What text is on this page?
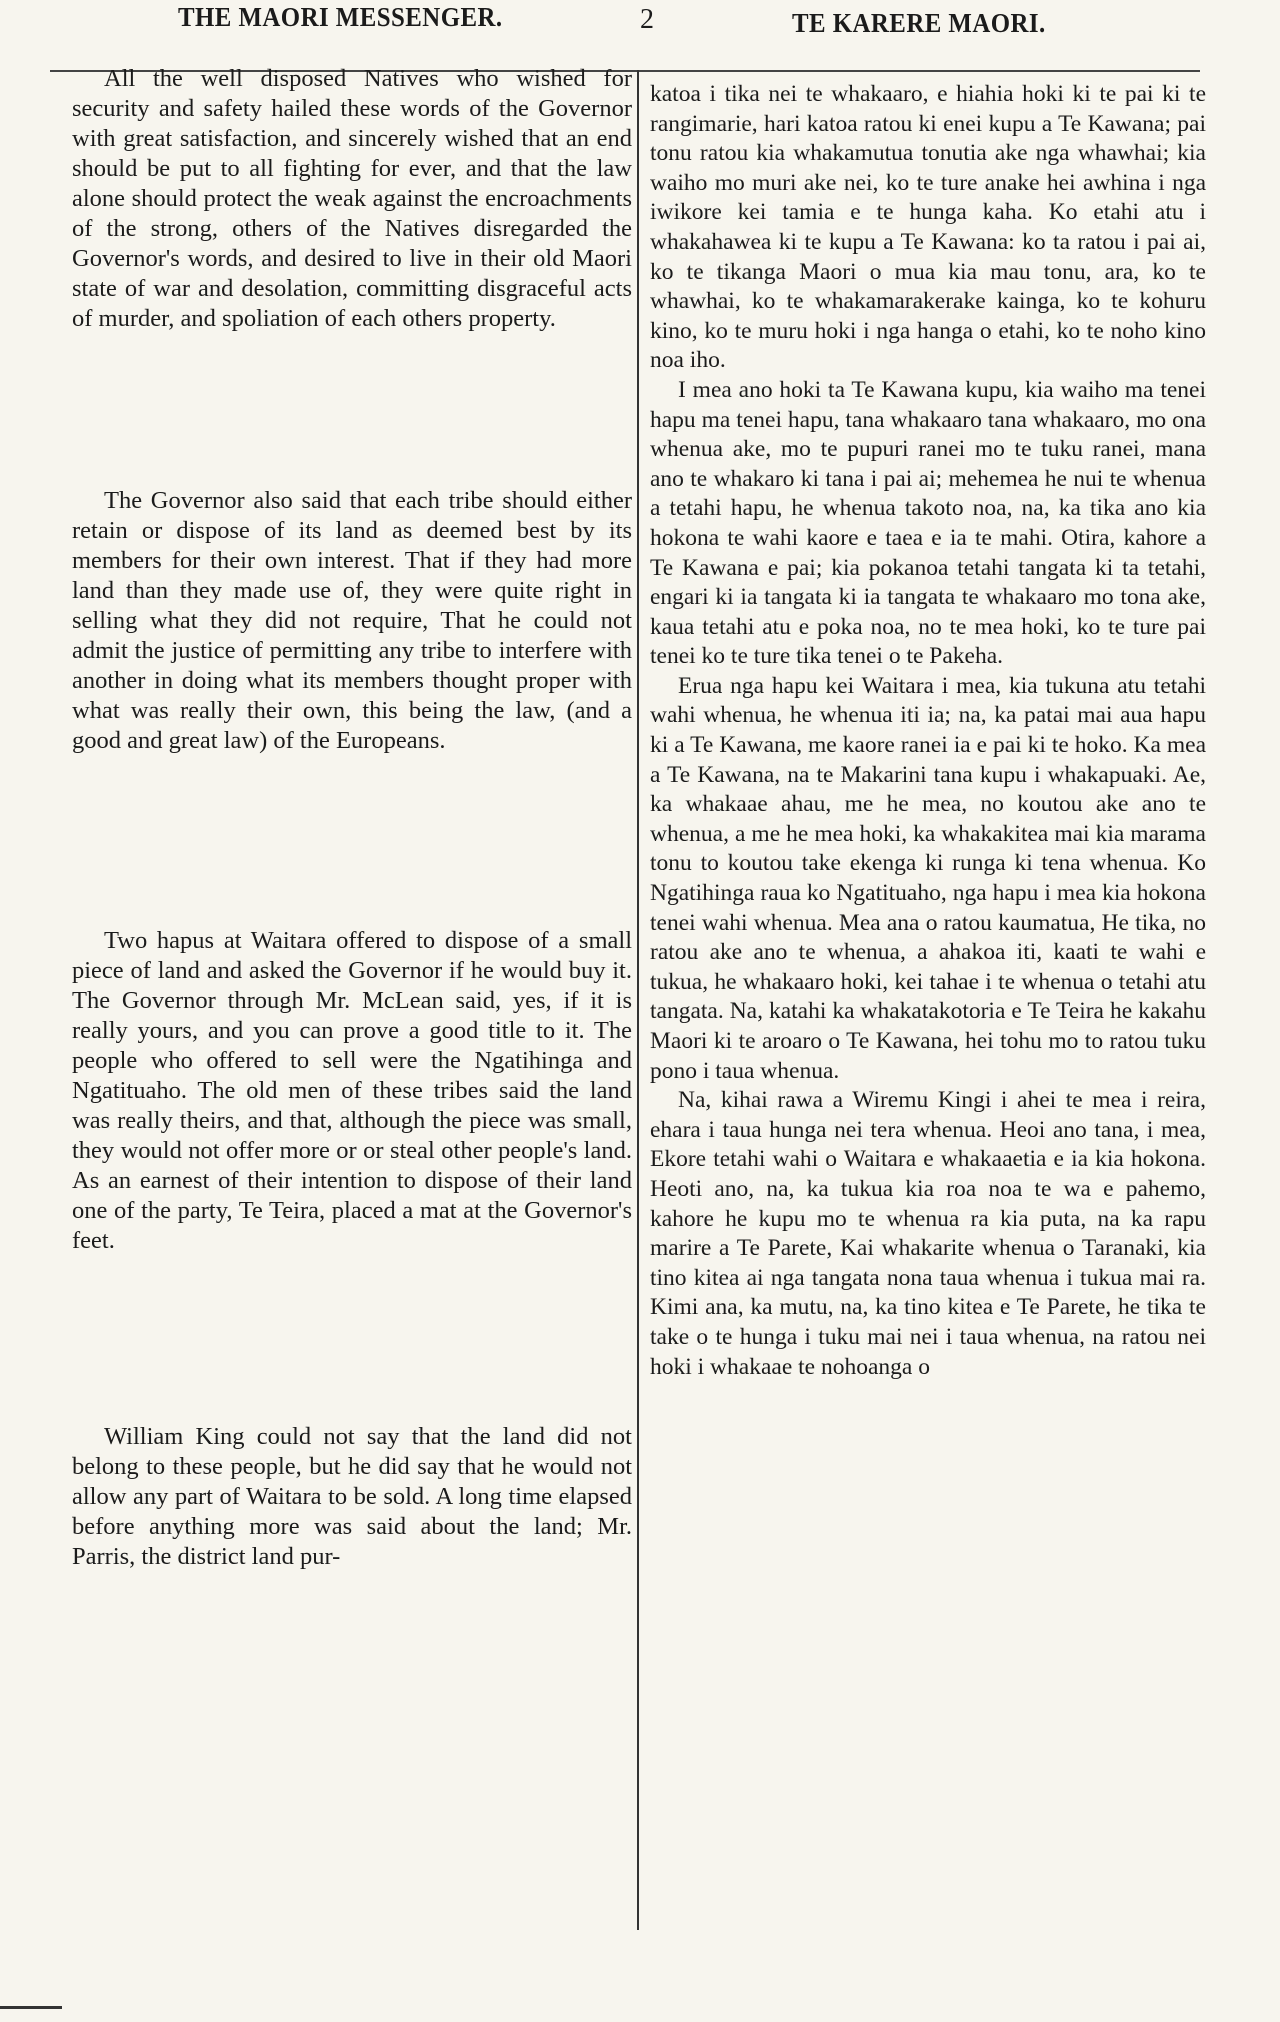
THE MAORI MESSENGER.	2	TE KARERE MAORI.
All the well disposed Natives who wished for security and safety hailed these words of the Governor with great satisfaction, and sincerely wished that an end should be put to all fighting for ever, and that the law alone should protect the weak against the encroachments of the strong, others of the Natives disregarded the Governor's words, and desired to live in their old Maori state of war and desolation, committing disgraceful acts of murder, and spoliation of each others property.
The Governor also said that each tribe should either retain or dispose of its land as deemed best by its members for their own interest. That if they had more land than they made use of, they were quite right in selling what they did not require, That he could not admit the justice of permitting any tribe to interfere with another in doing what its members thought proper with what was really their own, this being the law, (and a good and great law) of the Europeans.
Two hapus at Waitara offered to dispose of a small piece of land and asked the Governor if he would buy it. The Governor through Mr. McLean said, yes, if it is really yours, and you can prove a good title to it. The people who offered to sell were the Ngatihinga and Ngatituaho. The old men of these tribes said the land was really theirs, and that, although the piece was small, they would not offer more or or steal other people's land. As an earnest of their intention to dispose of their land one of the party, Te Teira, placed a mat at the Governor's feet.
William King could not say that the land did not belong to these people, but he did say that he would not allow any part of Waitara to be sold. A long time elapsed before anything more was said about the land; Mr. Parris, the district land pur-

katoa i tika nei te whakaaro, e hiahia hoki ki te pai ki te rangimarie, hari katoa ratou ki enei kupu a Te Kawana; pai tonu ratou kia whakamutua tonutia ake nga whawhai; kia waiho mo muri ake nei, ko te ture anake hei awhina i nga iwikore kei tamia e te hunga kaha. Ko etahi atu i whakahawea ki te kupu a Te Kawana: ko ta ratou i pai ai, ko te tikanga Maori o mua kia mau tonu, ara, ko te whawhai, ko te whakamarakerake kainga, ko te kohuru kino, ko te muru hoki i nga hanga o etahi, ko te noho kino noa iho.

I mea ano hoki ta Te Kawana kupu, kia waiho ma tenei hapu ma tenei hapu, tana whakaaro tana whakaaro, mo ona whenua ake, mo te pupuri ranei mo te tuku ranei, mana ano te whakaro ki tana i pai ai; mehemea he nui te whenua a tetahi hapu, he whenua takoto noa, na, ka tika ano kia hokona te wahi kaore e taea e ia te mahi. Otira, kahore a Te Kawana e pai; kia pokanoa tetahi tangata ki ta tetahi, engari ki ia tangata ki ia tangata te whakaaro mo tona ake, kaua tetahi atu e poka noa, no te mea hoki, ko te ture pai tenei ko te ture tika tenei o te Pakeha.

Erua nga hapu kei Waitara i mea, kia tukuna atu tetahi wahi whenua, he whenua iti ia; na, ka patai mai aua hapu ki a Te Kawana, me kaore ranei ia e pai ki te hoko. Ka mea a Te Kawana, na te Makarini tana kupu i whakapuaki. Ae, ka whakaae ahau, me he mea, no koutou ake ano te whenua, a me he mea hoki, ka whakakitea mai kia marama tonu to koutou take ekenga ki runga ki tena whenua. Ko Ngatihinga raua ko Ngatituaho, nga hapu i mea kia hokona tenei wahi whenua. Mea ana o ratou kaumatua, He tika, no ratou ake ano te whenua, a ahakoa iti, kaati te wahi e tukua, he whakaaro hoki, kei tahae i te whenua o tetahi atu tangata. Na, katahi ka whakatakotoria e Te Teira he kakahu Maori ki te aroaro o Te Kawana, hei tohu mo to ratou tuku pono i taua whenua.

Na, kihai rawa a Wiremu Kingi i ahei te mea i reira, ehara i taua hunga nei tera whenua. Heoi ano tana, i mea, Ekore tetahi wahi o Waitara e whakaaetia e ia kia hokona. Heoti ano, na, ka tukua kia roa noa te wa e pahemo, kahore he kupu mo te whenua ra kia puta, na ka rapu marire a Te Parete, Kai whakarite whenua o Taranaki, kia tino kitea ai nga tangata nona taua whenua i tukua mai ra. Kimi ana, ka mutu, na, ka tino kitea e Te Parete, he tika te take o te hunga i tuku mai nei i taua whenua, na ratou nei hoki i whakaae te nohoanga o
